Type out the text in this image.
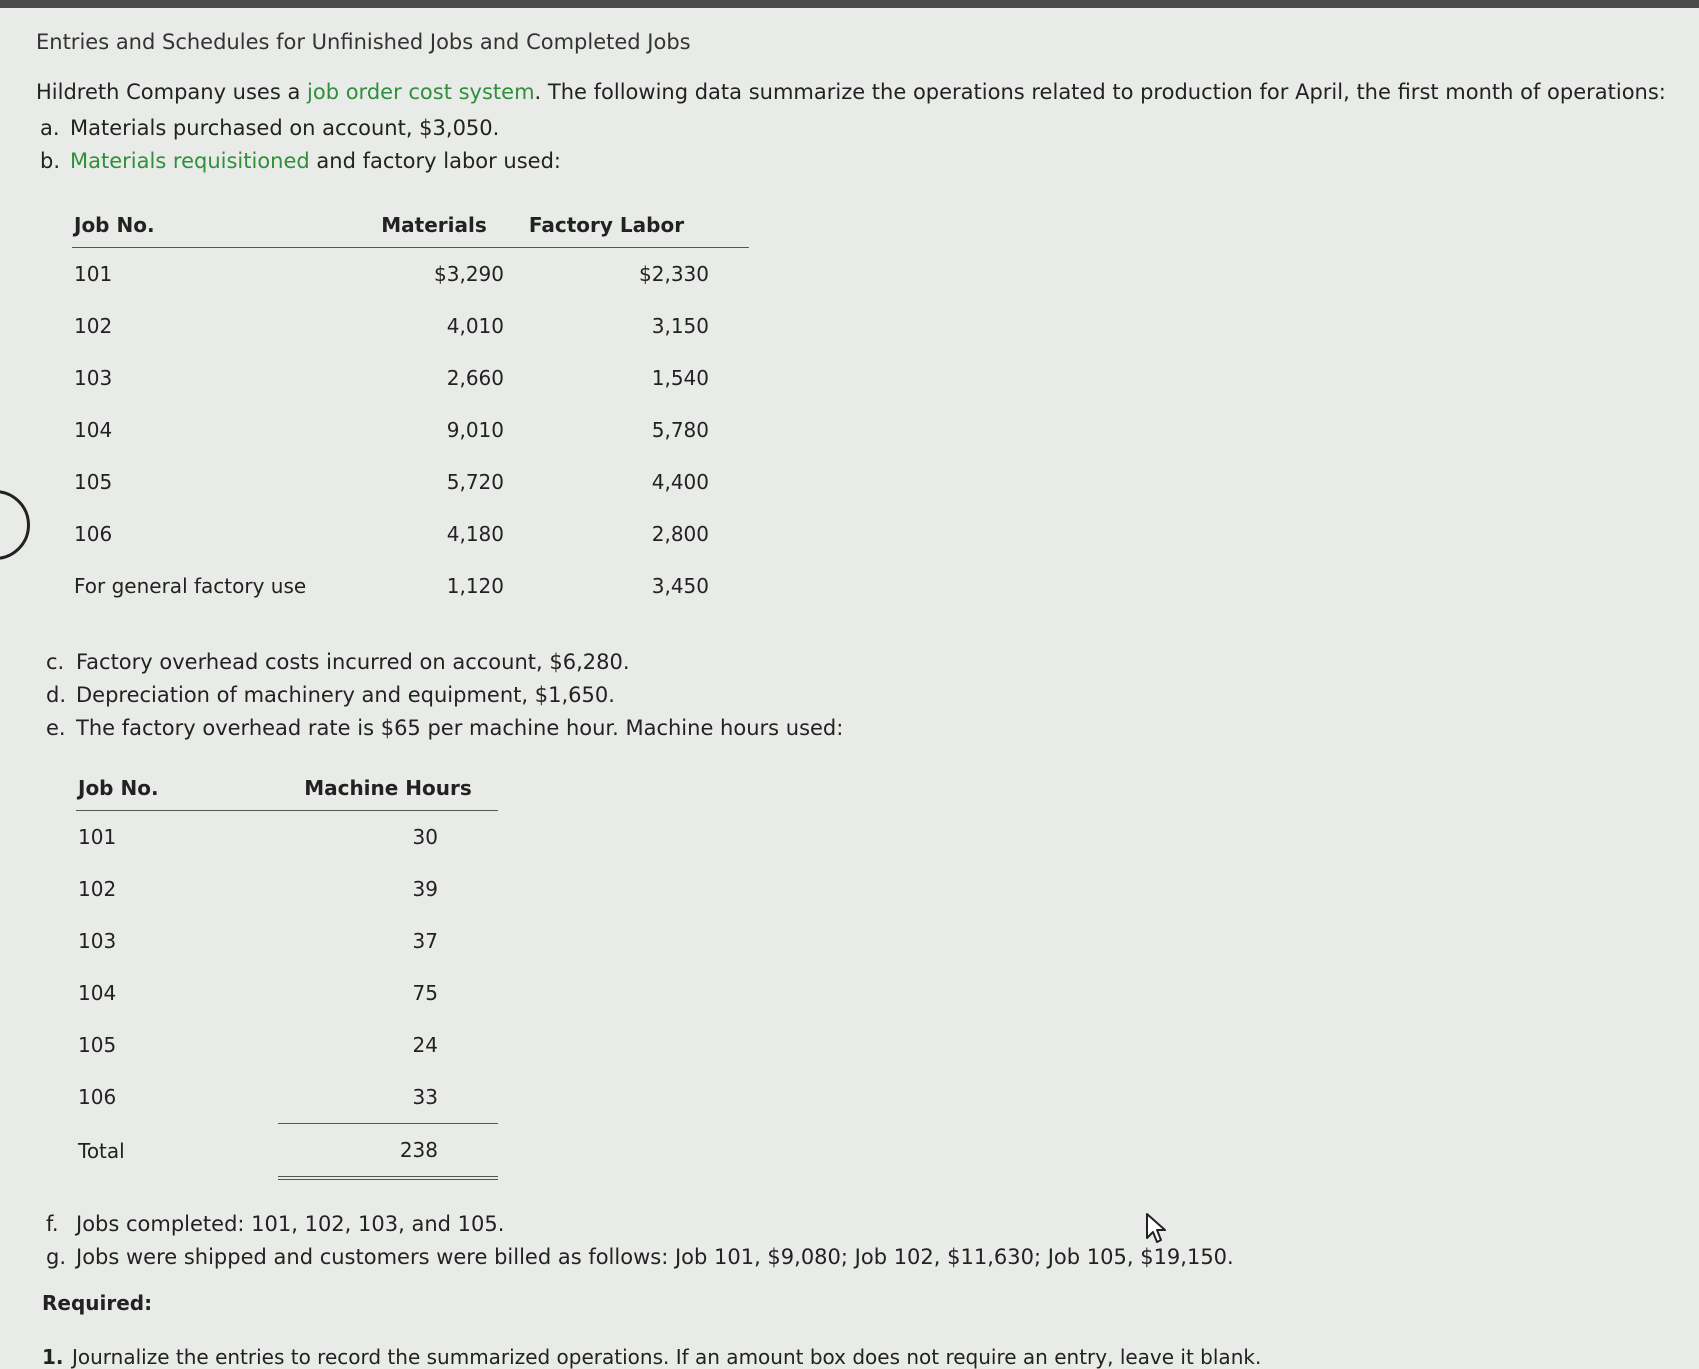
Entries and Schedules for Unfinished Jobs and Completed Jobs

Hildreth Company uses a job order cost system. The following data summarize the operations related to production for April, the first month of operations:

a. Materials purchased on account, $3,050.
b. Materials requisitioned and factory labor used:
Job No.	Materials	Factory Labor
101	$3,290	$2,330
102	4,010	3,150
103	2,660	1,540
104	9,010	5,780
105	5,720	4,400
106	4,180	2,800
For general factory use	1,120	3,450
c. Factory overhead costs incurred on account, $6,280.
d. Depreciation of machinery and equipment, $1,650.
e. The factory overhead rate is $65 per machine hour. Machine hours used:
Job No.	Machine Hours
101	30
102	39
103	37
104	75
105	24
106	33
Total	238
f. Jobs completed: 101, 102, 103, and 105.
g. Jobs were shipped and customers were billed as follows: Job 101, $9,080; Job 102, $11,630; Job 105, $19,150.
Required:
1. Journalize the entries to record the summarized operations. If an amount box does not require an entry, leave it blank.
